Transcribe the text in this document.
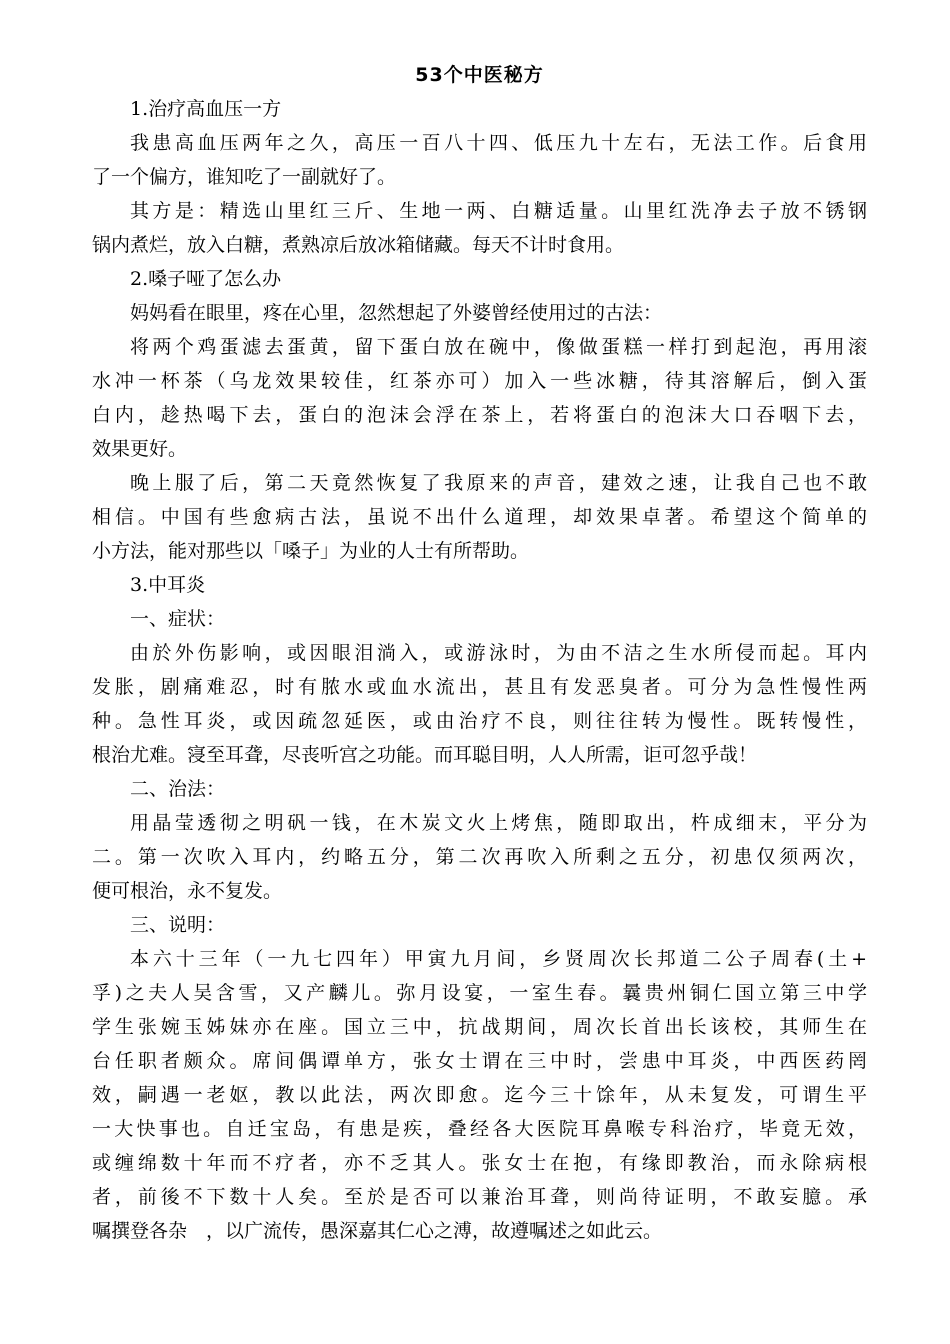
53个中医秘方

1.治疗高血压一方

我患高血压两年之久，高压一百八十四、低压九十左右，无法工作。后食用

了一个偏方，谁知吃了一副就好了。

其方是：精选山里红三斤、生地一两、白糖适量。山里红洗净去子放不锈钢

锅内煮烂，放入白糖，煮熟凉后放冰箱储藏。每天不计时食用。

2.嗓子哑了怎么办

妈妈看在眼里，疼在心里，忽然想起了外婆曾经使用过的古法：

将两个鸡蛋滤去蛋黄，留下蛋白放在碗中，像做蛋糕一样打到起泡，再用滚

水冲一杯茶（乌龙效果较佳，红茶亦可）加入一些冰糖，待其溶解后，倒入蛋

白内，趁热喝下去，蛋白的泡沫会浮在茶上，若将蛋白的泡沫大口吞咽下去，

效果更好。

晚上服了后，第二天竟然恢复了我原来的声音，建效之速，让我自己也不敢

相信。中国有些愈病古法，虽说不出什么道理，却效果卓著。希望这个简单的

小方法，能对那些以「嗓子」为业的人士有所帮助。

3.中耳炎

一、症状：

由於外伤影响，或因眼泪淌入，或游泳时，为由不洁之生水所侵而起。耳内

发胀，剧痛难忍，时有脓水或血水流出，甚且有发恶臭者。可分为急性慢性两

种。急性耳炎，或因疏忽延医，或由治疗不良，则往往转为慢性。既转慢性，

根治尤难。寖至耳聋，尽丧听宫之功能。而耳聪目明，人人所需，讵可忽乎哉！

二、治法：

用晶莹透彻之明矾一钱，在木炭文火上烤焦，随即取出，杵成细末，平分为

二。第一次吹入耳内，约略五分，第二次再吹入所剩之五分，初患仅须两次，

便可根治，永不复发。

三、说明：

本六十三年（一九七四年）甲寅九月间，乡贤周次长邦道二公子周春(土+

孚)之夫人吴含雪，又产麟儿。弥月设宴，一室生春。曩贵州铜仁国立第三中学

学生张婉玉姊妹亦在座。国立三中，抗战期间，周次长首出长该校，其师生在

台任职者颇众。席间偶谭单方，张女士谓在三中时，尝患中耳炎，中西医药罔

效，嗣遇一老妪，教以此法，两次即愈。迄今三十馀年，从未复发，可谓生平

一大快事也。自迁宝岛，有患是疾，叠经各大医院耳鼻喉专科治疗，毕竟无效，

或缠绵数十年而不疗者，亦不乏其人。张女士在抱，有缘即教治，而永除病根

者，前後不下数十人矣。至於是否可以兼治耳聋，则尚待证明，不敢妄臆。承

嘱撰登各杂　，以广流传，愚深嘉其仁心之溥，故遵嘱述之如此云。
